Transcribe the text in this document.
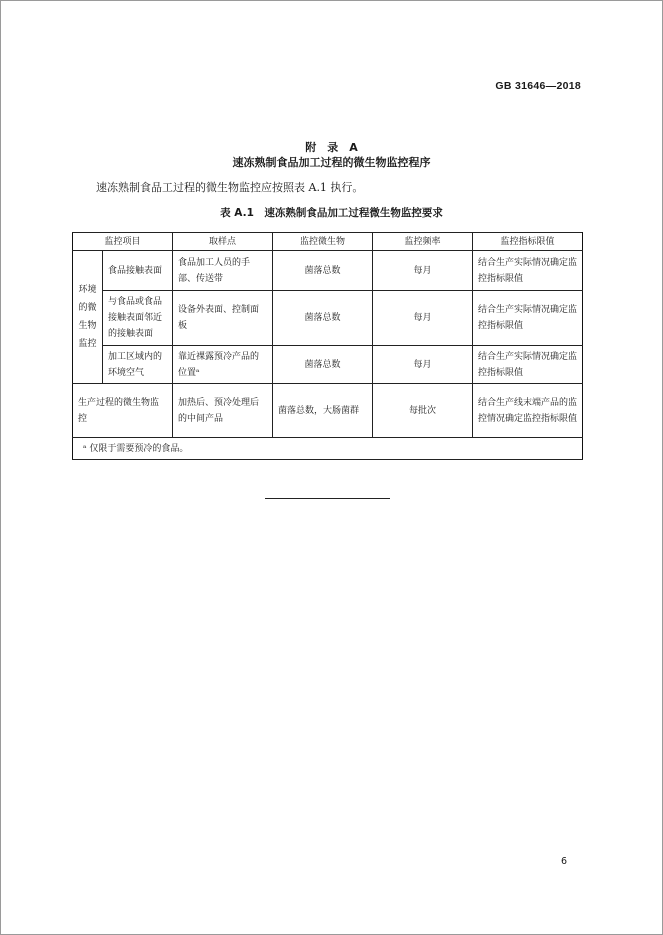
GB 31646—2018
附　录　A
速冻熟制食品加工过程的微生物监控程序
速冻熟制食品工过程的微生物监控应按照表 A.1 执行。
表 A.1　速冻熟制食品加工过程微生物监控要求
监控项目		取样点	监控微生物	监控频率	监控指标限值
环境的微生物监控	食品接触表面	食品加工人员的手部、传送带	菌落总数	每月	结合生产实际情况确定监控指标限值
	与食品或食品接触表面邻近的接触表面	设备外表面、控制面板	菌落总数	每月	结合生产实际情况确定监控指标限值
	加工区域内的环境空气	靠近裸露预冷产品的位置ᵃ	菌落总数	每月	结合生产实际情况确定监控指标限值
生产过程的微生物监控		加热后、预冷处理后的中间产品	菌落总数，大肠菌群	每批次	结合生产线末端产品的监控情况确定监控指标限值
ᵃ 仅限于需要预冷的食品。					
6
